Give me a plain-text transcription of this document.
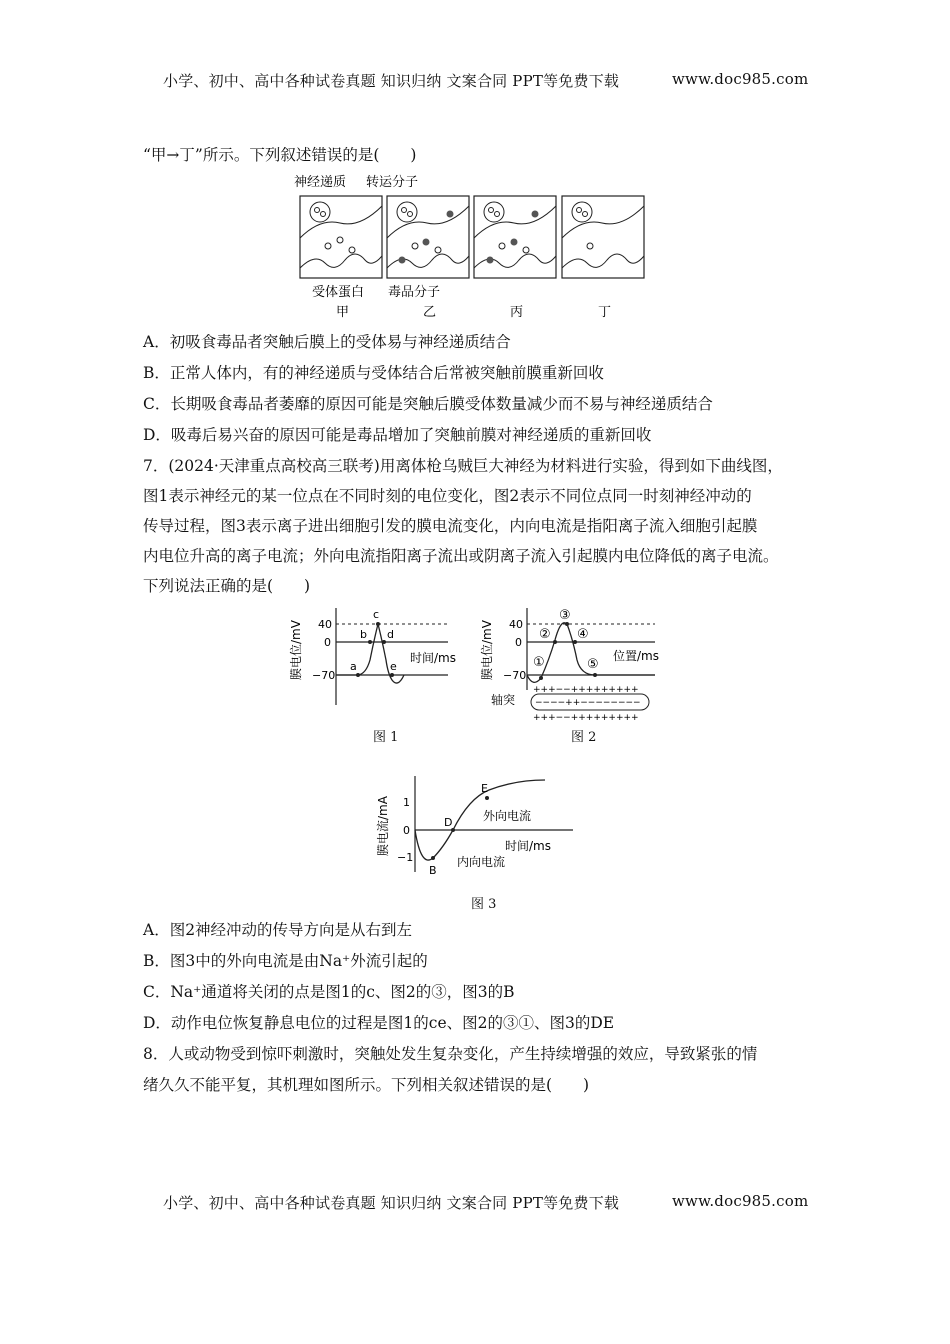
小学、初中、高中各种试卷真题 知识归纳 文案合同 PPT等免费下载	www.doc985.com
“甲→丁”所示。下列叙述错误的是(　　)
神经递质 转运分子
受体蛋白 毒品分子
甲	乙	丙	丁
A．初吸食毒品者突触后膜上的受体易与神经递质结合
B．正常人体内，有的神经递质与受体结合后常被突触前膜重新回收
C．长期吸食毒品者萎靡的原因可能是突触后膜受体数量减少而不易与神经递质结合
D．吸毒后易兴奋的原因可能是毒品增加了突触前膜对神经递质的重新回收
7．(2024·天津重点高校高三联考)用离体枪乌贼巨大神经为材料进行实验，得到如下曲线图，
图1表示神经元的某一位点在不同时刻的电位变化，图2表示不同位点同一时刻神经冲动的
传导过程，图3表示离子进出细胞引发的膜电流变化，内向电流是指阳离子流入细胞引起膜
内电位升高的离子电流；外向电流指阳离子流出或阴离子流入引起膜内电位降低的离子电流。
下列说法正确的是(　　)
膜电位/mV 40
0
−70
a
b
c
d
e
时间/ms
图 1
膜电位/mV 40
0
−70
①
②
③
④
⑤
位置/ms
轴突
+++−−+++++++++
−−−−++−−−−−−−−
+++−−+++++++++
图 2
膜电流/mA 1
0
−1
B
D
E
外向电流
时间/ms
内向电流
图 3
A．图2神经冲动的传导方向是从右到左
B．图3中的外向电流是由Na⁺外流引起的
C．Na⁺通道将关闭的点是图1的c、图2的③，图3的B
D．动作电位恢复静息电位的过程是图1的ce、图2的③①、图3的DE
8．人或动物受到惊吓刺激时，突触处发生复杂变化，产生持续增强的效应，导致紧张的情
绪久久不能平复，其机理如图所示。下列相关叙述错误的是(　　)
小学、初中、高中各种试卷真题 知识归纳 文案合同 PPT等免费下载	www.doc985.com
